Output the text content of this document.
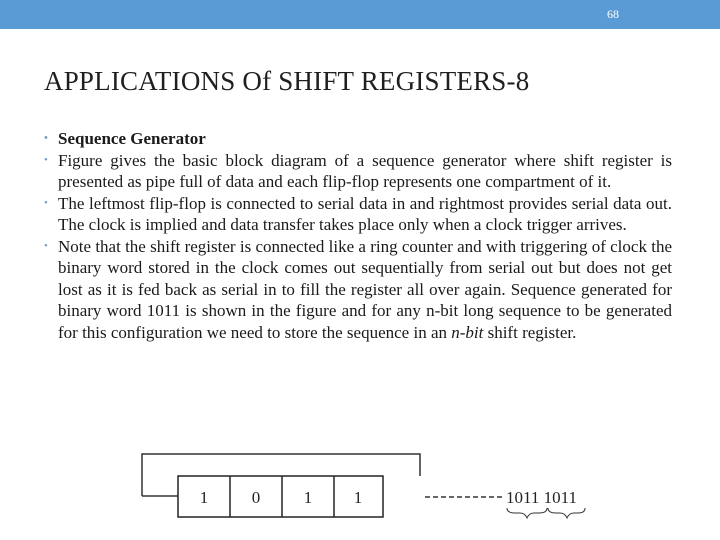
68
APPLICATIONS Of SHIFT REGISTERS-8
• Sequence Generator
• Figure gives the basic block diagram of a sequence generator where shift register is presented as pipe full of data and each flip-flop represents one compartment of it.
• The leftmost flip-flop is connected to serial data in and rightmost provides serial data out. The clock is implied and data transfer takes place only when a clock trigger arrives.
• Note that the shift register is connected like a ring counter and with triggering of clock the binary word stored in the clock comes out sequentially from serial out but does not get lost as it is fed back as serial in to fill the register all over again. Sequence generated for binary word 1011 is shown in the figure and for any n-bit long sequence to be generated for this configuration we need to store the sequence in an n-bit shift register.
1	0	1 1	1011 1011
